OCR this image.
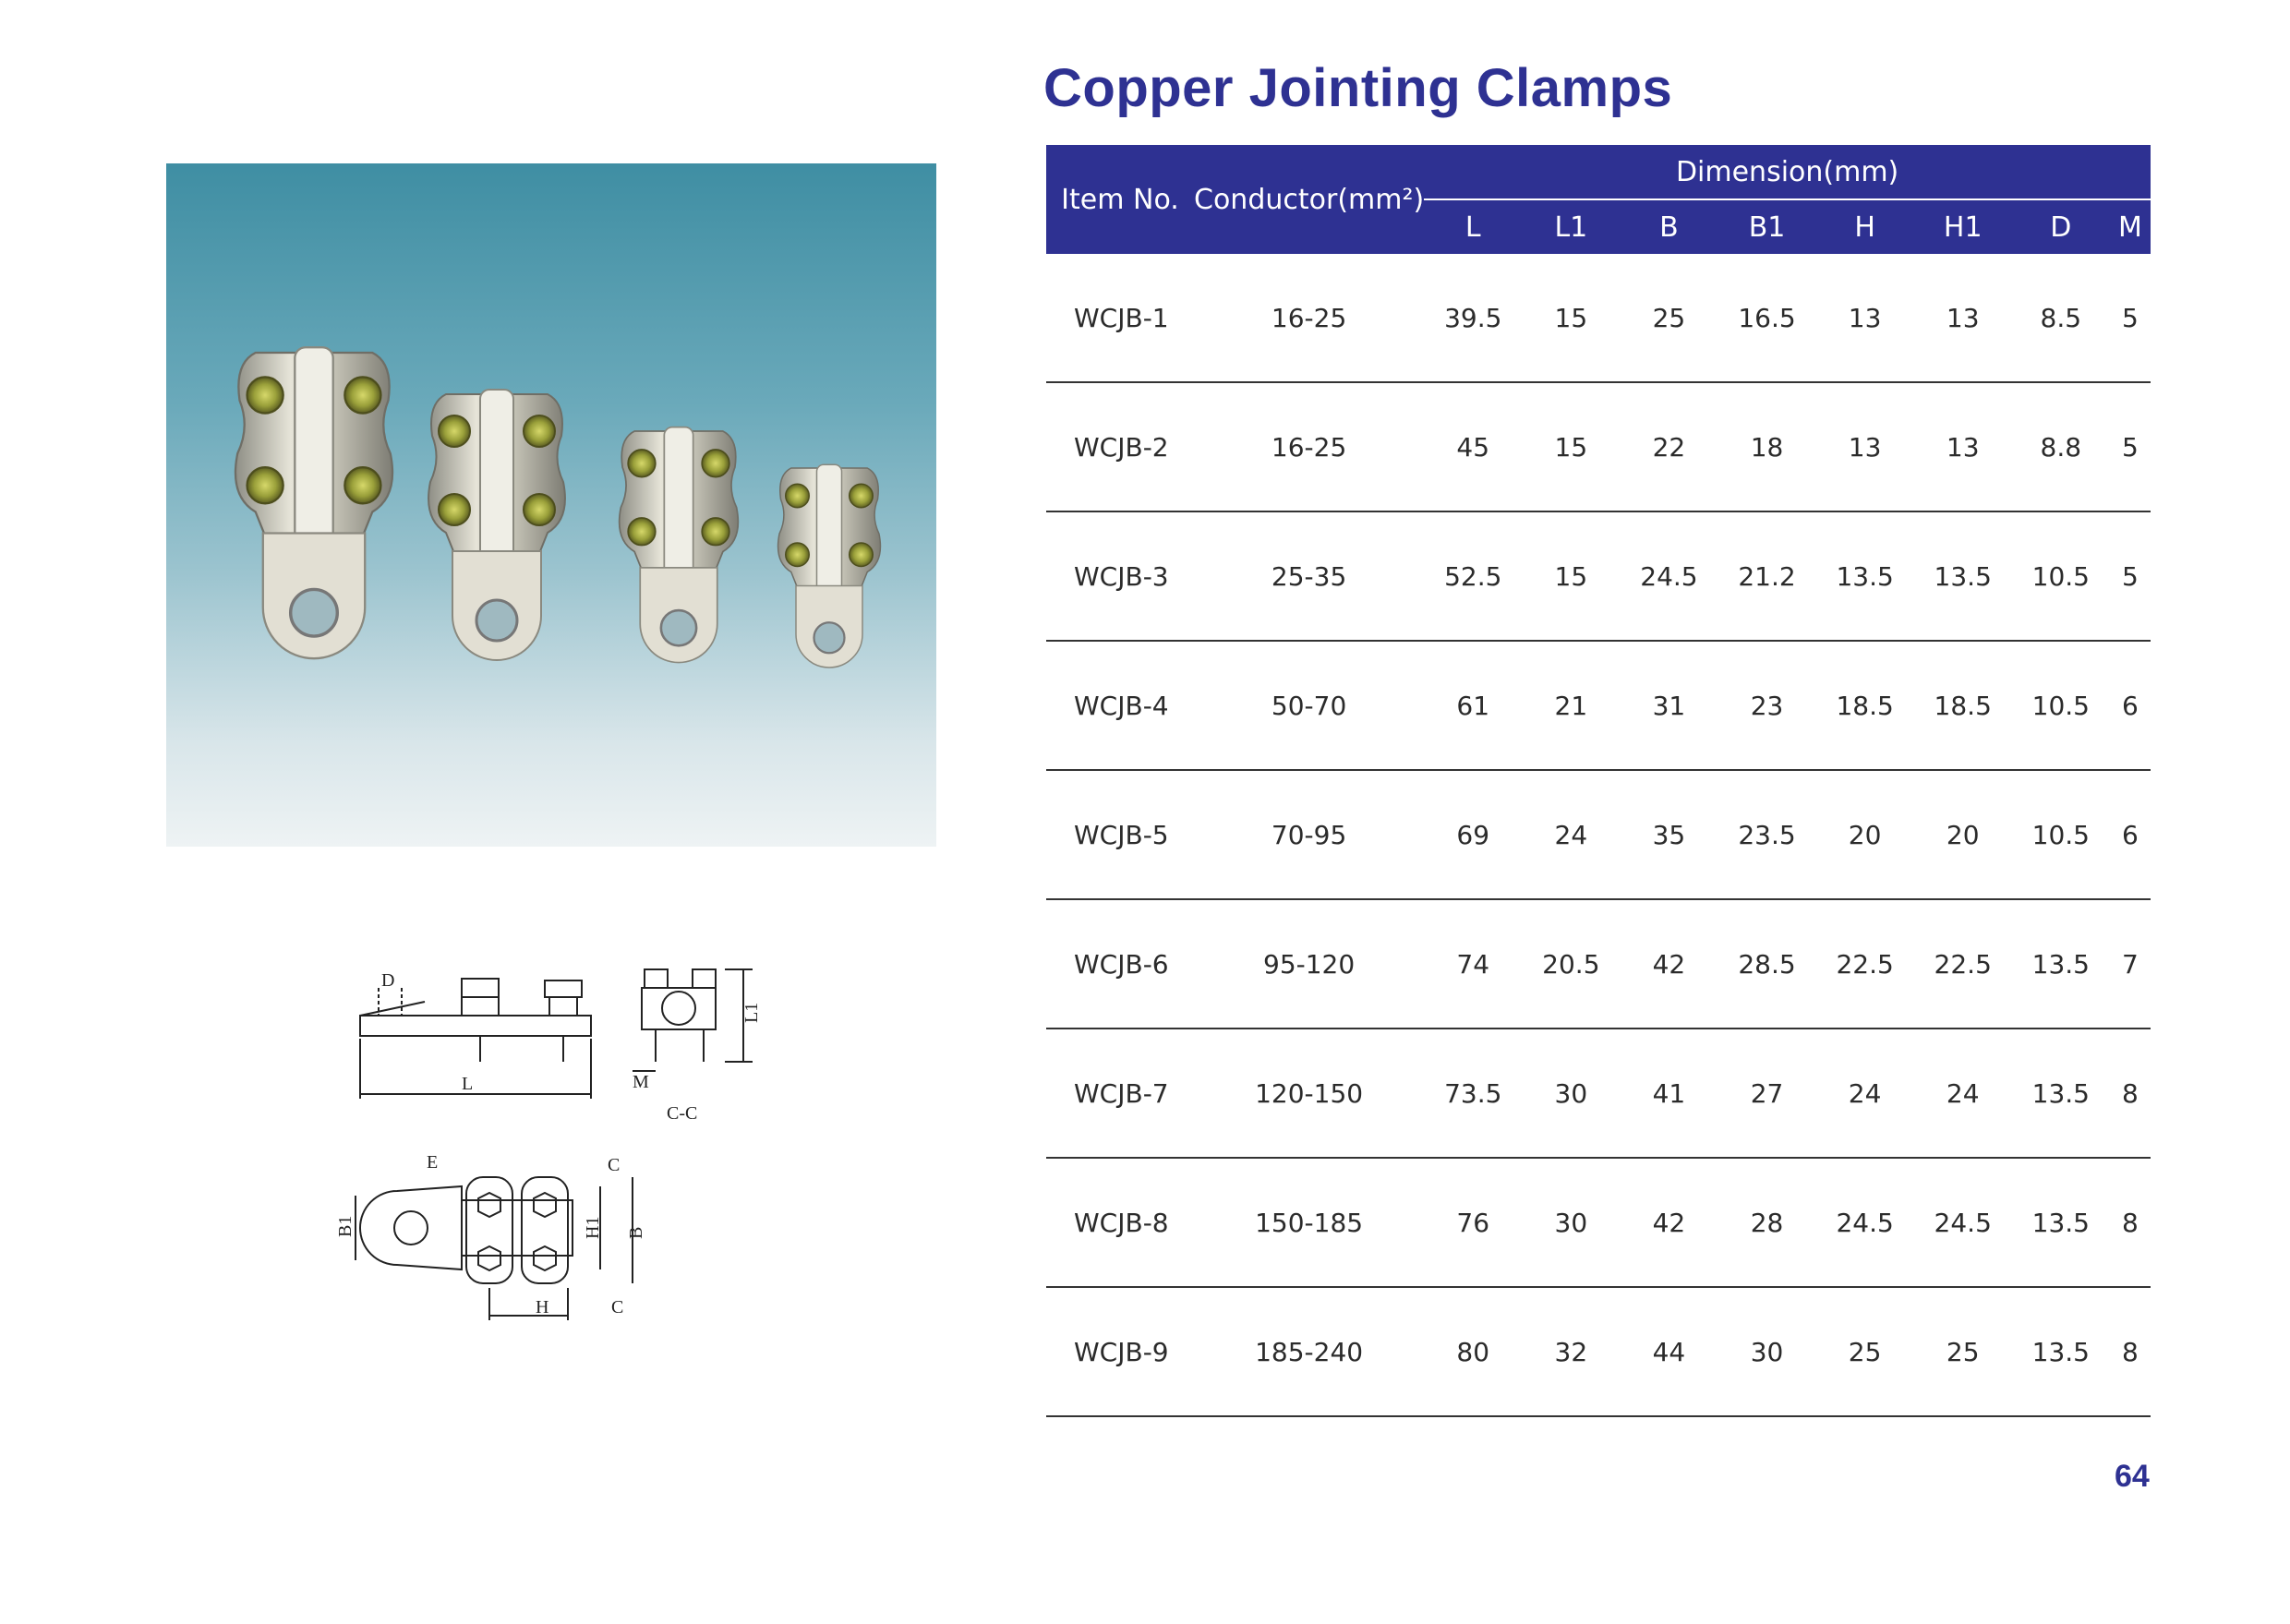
Copper Jointing Clamps
D
L	M
C-C
L1
E	C
B1	H1 B
H	C
Item No.	Conductor(mm²)	Dimension(mm)							
		L	L1	B	B1	H	H1	D	M
WCJB-1	16-25	39.5	15	25	16.5	13	13	8.5	5
WCJB-2	16-25	45	15	22	18	13	13	8.8	5
WCJB-3	25-35	52.5	15	24.5	21.2	13.5	13.5	10.5	5
WCJB-4	50-70	61	21	31	23	18.5	18.5	10.5	6
WCJB-5	70-95	69	24	35	23.5	20	20	10.5	6
WCJB-6	95-120	74	20.5	42	28.5	22.5	22.5	13.5	7
WCJB-7	120-150	73.5	30	41	27	24	24	13.5	8
WCJB-8	150-185	76	30	42	28	24.5	24.5	13.5	8
WCJB-9	185-240	80	32	44	30	25	25	13.5	8
64
